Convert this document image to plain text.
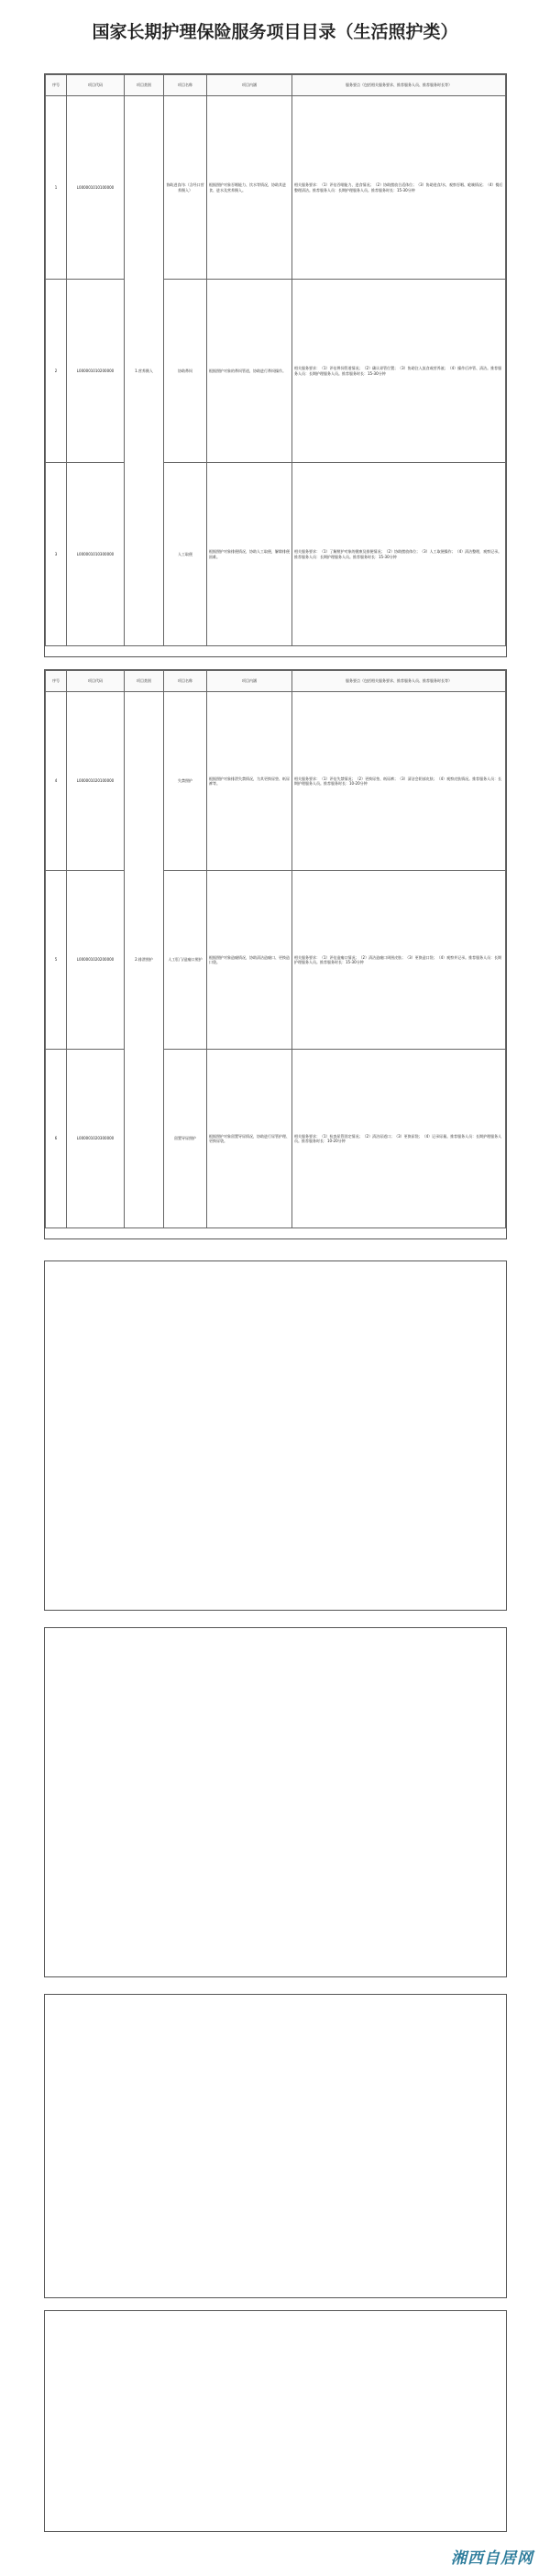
国家长期护理保险服务项目目录（生活照护类）
序号	项目代码	项目类别	项目名称	项目内涵	服务要点（包括相关服务要求、推荐服务人员、推荐服务时长等）
1	L000001010100000	1.营养摄入	协助进食/水（含经口营养摄入）	根据照护对象吞咽能力、饮水等情况，协助其进食、进水及营养摄入。	相关服务要求：（1）评估吞咽能力、进食情况；（2）协助摆放合适体位；（3）协助进食/水，观察吞咽、呛咳情况；（4）餐后整理清洁。推荐服务人员：长期护理服务人员。推荐服务时长：15-30分钟
2	L000001010200000		协助鼻饲	根据照护对象的鼻饲管道，协助进行鼻饲操作。	相关服务要求：（1）评估鼻饲管道情况；（2）确认胃管位置；（3）协助注入流食或营养液；（4）操作后冲管、清洁。推荐服务人员：长期护理服务人员。推荐服务时长：15-30分钟
3	L000001010300000		人工取便	根据照护对象排便情况，协助人工取便，解除排便困难。	相关服务要求：（1）了解照护对象的健康及排便情况；（2）协助摆放体位；（3）人工取便操作；（4）清洁整理，观察记录。推荐服务人员：长期护理服务人员。推荐服务时长：15-30分钟
序号	项目代码	项目类别	项目名称	项目内涵	服务要点（包括相关服务要求、推荐服务人员、推荐服务时长等）
4	L000001020100000	2.排泄照护	失禁照护	根据照护对象排泄失禁情况，为其更换尿垫、纸尿裤等。	相关服务要求：（1）评估失禁情况；（2）更换尿垫、纸尿裤；（3）清洁会阴部皮肤；（4）观察皮肤情况。推荐服务人员：长期护理服务人员。推荐服务时长：10-20分钟
5	L000001020200000		人工肛门/造瘘口照护	根据照护对象造瘘情况，协助清洁造瘘口、更换造口袋。	相关服务要求：（1）评估造瘘口情况；（2）清洁造瘘口周围皮肤；（3）更换造口袋；（4）观察并记录。推荐服务人员：长期护理服务人员。推荐服务时长：15-30分钟
6	L000001020300000		留置导尿照护	根据照护对象留置导尿情况，协助进行尿管护理、更换尿袋。	相关服务要求：（1）检查尿管固定情况；（2）清洁尿道口；（3）更换尿袋；（4）记录尿量。推荐服务人员：长期护理服务人员。推荐服务时长：10-20分钟
湘西自居网
